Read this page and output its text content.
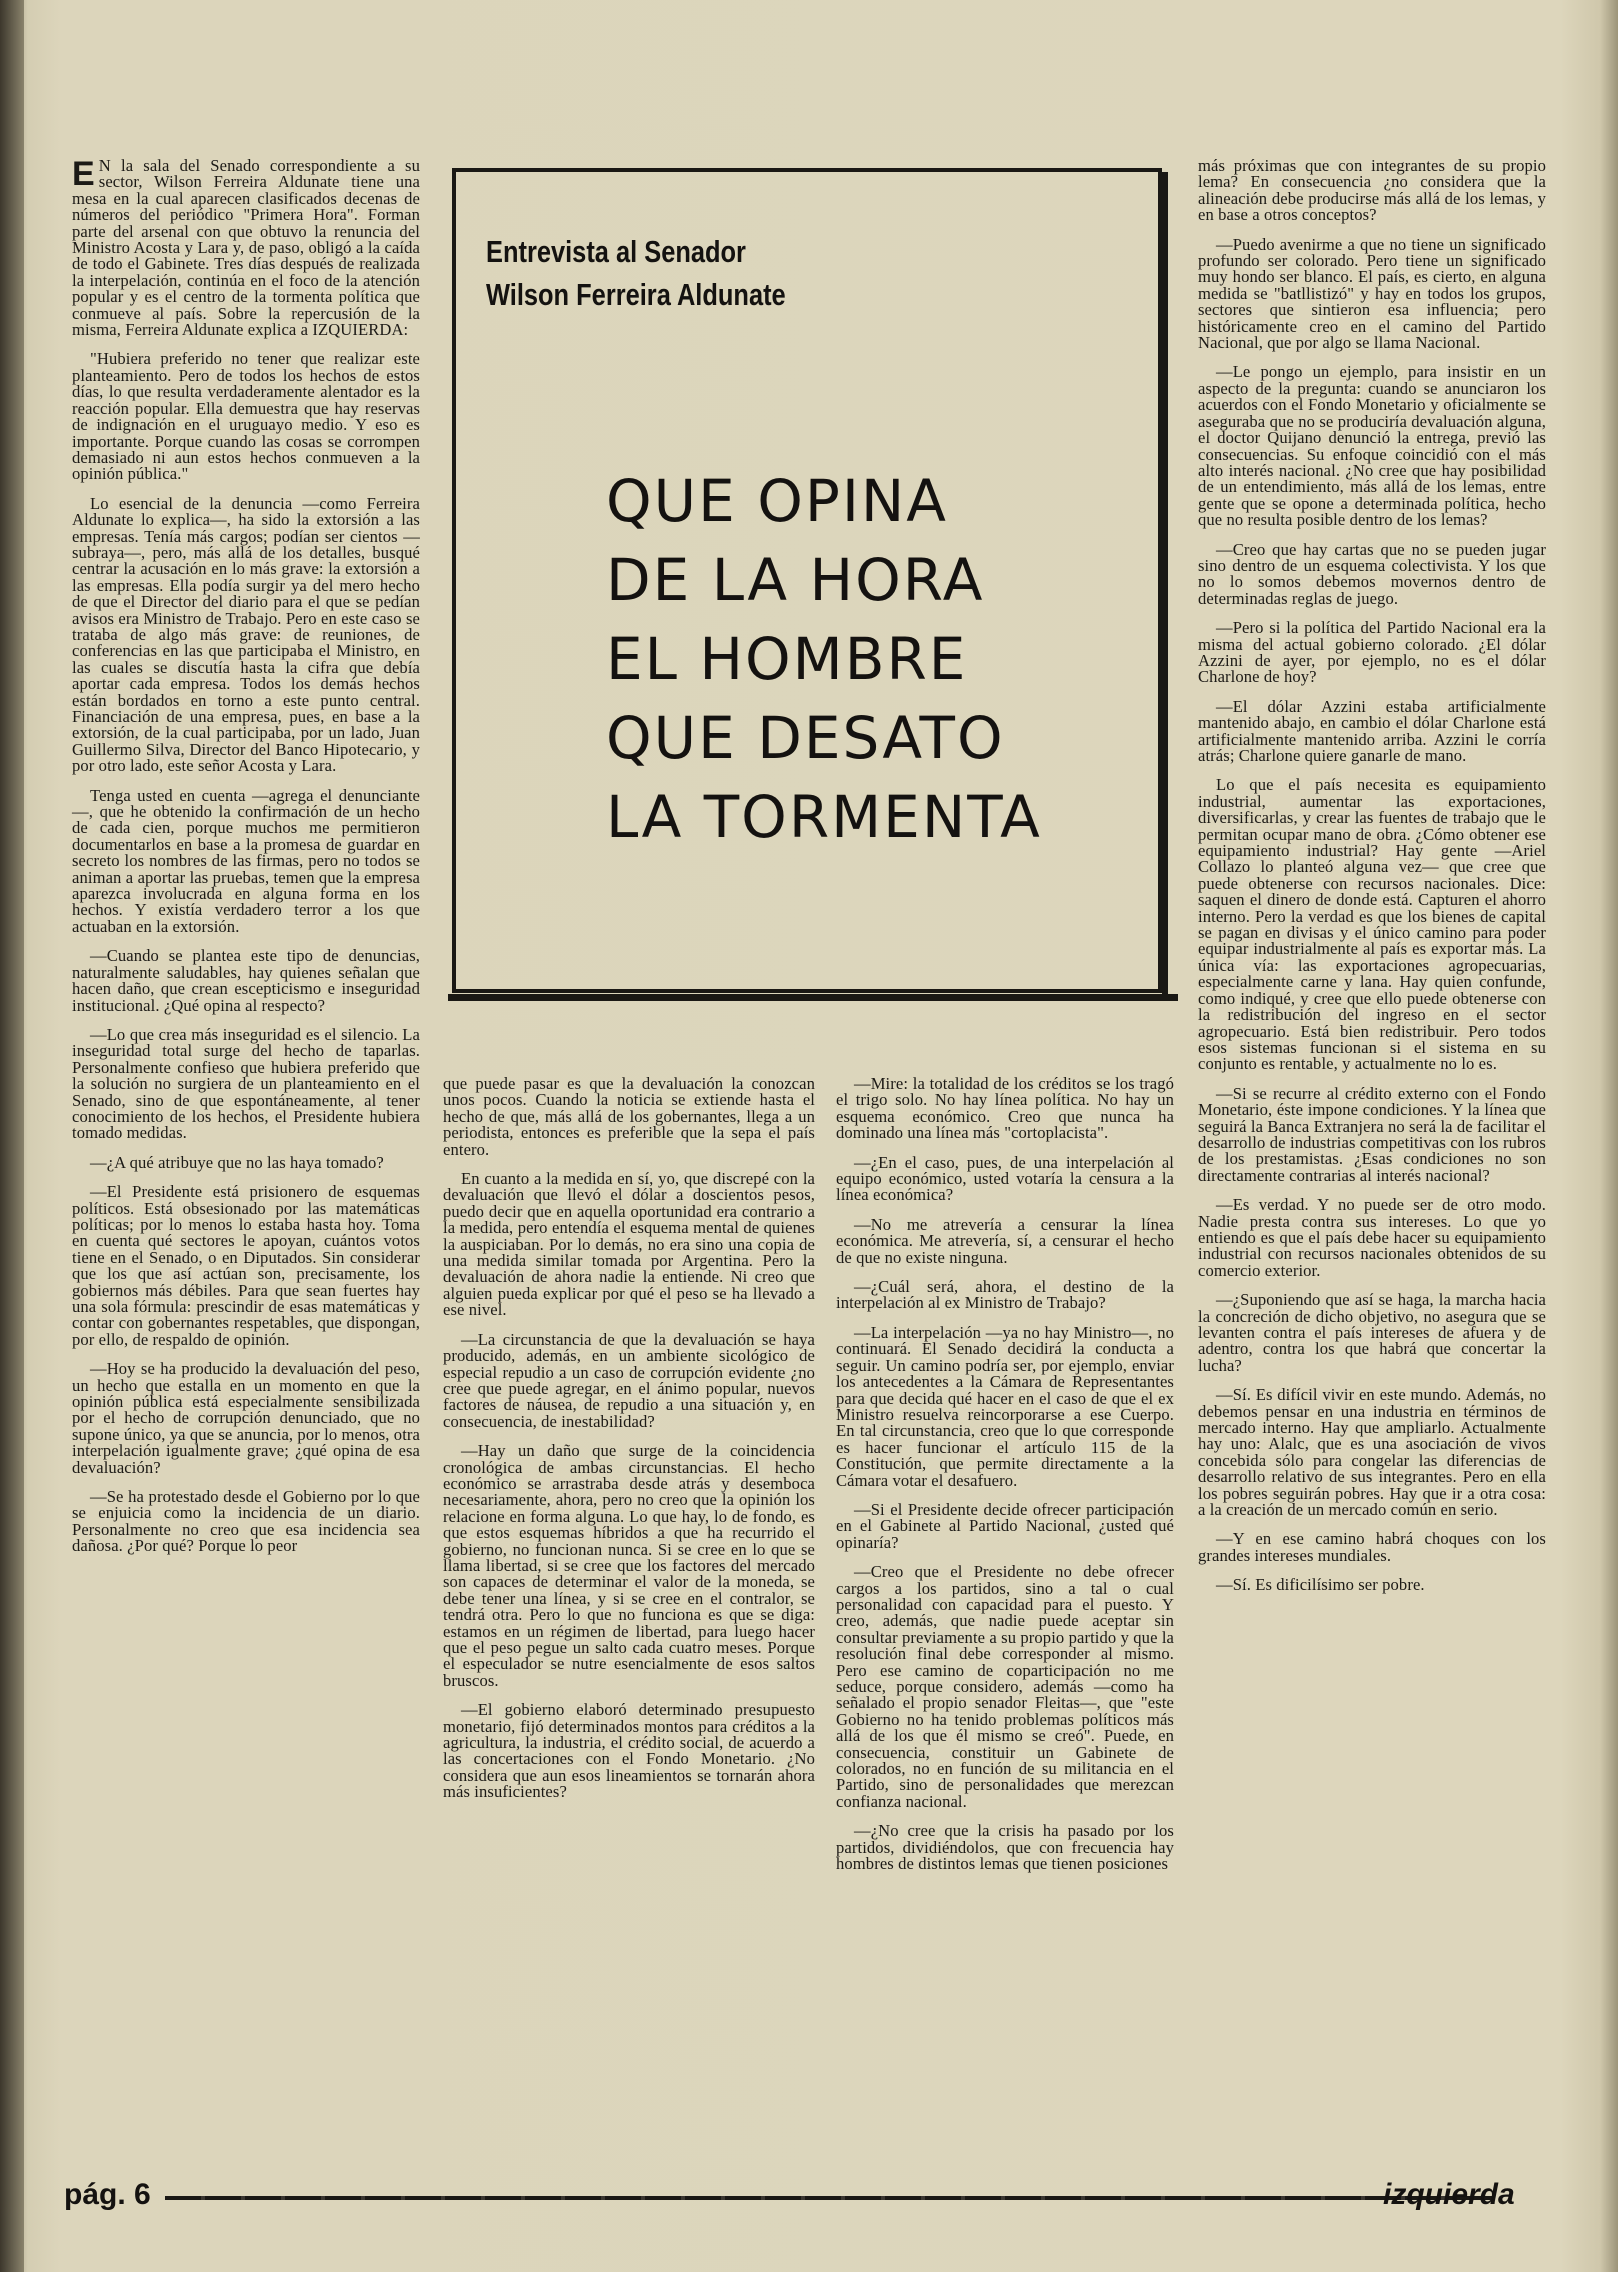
E N la sala del Senado correspondiente a su sector, Wilson Ferreira Aldunate tiene una mesa en la cual aparecen clasificados decenas de números del periódico "Primera Hora". Forman parte del arsenal con que obtuvo la renuncia del Ministro Acosta y Lara y, de paso, obligó a la caída de todo el Gabinete. Tres días después de realizada la interpelación, continúa en el foco de la atención popular y es el centro de la tormenta política que conmueve al país. Sobre la repercusión de la misma, Ferreira Aldunate explica a IZQUIERDA:

"Hubiera preferido no tener que realizar este planteamiento. Pero de todos los hechos de estos días, lo que resulta verdaderamente alentador es la reacción popular. Ella demuestra que hay reservas de indignación en el uruguayo medio. Y eso es importante. Porque cuando las cosas se corrompen demasiado ni aun estos hechos conmueven a la opinión pública."

Lo esencial de la denuncia —como Ferreira Aldunate lo explica—, ha sido la extorsión a las empresas. Tenía más cargos; podían ser cientos —subraya—, pero, más allá de los detalles, busqué centrar la acusación en lo más grave: la extorsión a las empresas. Ella podía surgir ya del mero hecho de que el Director del diario para el que se pedían avisos era Ministro de Trabajo. Pero en este caso se trataba de algo más grave: de reuniones, de conferencias en las que participaba el Ministro, en las cuales se discutía hasta la cifra que debía aportar cada empresa. Todos los demás hechos están bordados en torno a este punto central. Financiación de una empresa, pues, en base a la extorsión, de la cual participaba, por un lado, Juan Guillermo Silva, Director del Banco Hipotecario, y por otro lado, este señor Acosta y Lara.

Tenga usted en cuenta —agrega el denunciante—, que he obtenido la confirmación de un hecho de cada cien, porque muchos me permitieron documentarlos en base a la promesa de guardar en secreto los nombres de las firmas, pero no todos se animan a aportar las pruebas, temen que la empresa aparezca involucrada en alguna forma en los hechos. Y existía verdadero terror a los que actuaban en la extorsión.

—Cuando se plantea este tipo de denuncias, naturalmente saludables, hay quienes señalan que hacen daño, que crean escepticismo e inseguridad institucional. ¿Qué opina al respecto?

—Lo que crea más inseguridad es el silencio. La inseguridad total surge del hecho de taparlas. Personalmente confieso que hubiera preferido que la solución no surgiera de un planteamiento en el Senado, sino de que espontáneamente, al tener conocimiento de los hechos, el Presidente hubiera tomado medidas.

—¿A qué atribuye que no las haya tomado?

—El Presidente está prisionero de esquemas políticos. Está obsesionado por las matemáticas políticas; por lo menos lo estaba hasta hoy. Toma en cuenta qué sectores le apoyan, cuántos votos tiene en el Senado, o en Diputados. Sin considerar que los que así actúan son, precisamente, los gobiernos más débiles. Para que sean fuertes hay una sola fórmula: prescindir de esas matemáticas y contar con gobernantes respetables, que dispongan, por ello, de respaldo de opinión.

—Hoy se ha producido la devaluación del peso, un hecho que estalla en un momento en que la opinión pública está especialmente sensibilizada por el hecho de corrupción denunciado, que no supone único, ya que se anuncia, por lo menos, otra interpelación igualmente grave; ¿qué opina de esa devaluación?

—Se ha protestado desde el Gobierno por lo que se enjuicia como la incidencia de un diario. Personalmente no creo que esa incidencia sea dañosa. ¿Por qué? Porque lo peor

Entrevista al Senador
Wilson Ferreira Aldunate
QUE OPINA
DE LA HORA
EL HOMBRE
QUE DESATO
LA TORMENTA

que puede pasar es que la devaluación la conozcan unos pocos. Cuando la noticia se extiende hasta el hecho de que, más allá de los gobernantes, llega a un periodista, entonces es preferible que la sepa el país entero.

En cuanto a la medida en sí, yo, que discrepé con la devaluación que llevó el dólar a doscientos pesos, puedo decir que en aquella oportunidad era contrario a la medida, pero entendía el esquema mental de quienes la auspiciaban. Por lo demás, no era sino una copia de una medida similar tomada por Argentina. Pero la devaluación de ahora nadie la entiende. Ni creo que alguien pueda explicar por qué el peso se ha llevado a ese nivel.

—La circunstancia de que la devaluación se haya producido, además, en un ambiente sicológico de especial repudio a un caso de corrupción evidente ¿no cree que puede agregar, en el ánimo popular, nuevos factores de náusea, de repudio a una situación y, en consecuencia, de inestabilidad?

—Hay un daño que surge de la coincidencia cronológica de ambas circunstancias. El hecho económico se arrastraba desde atrás y desemboca necesariamente, ahora, pero no creo que la opinión los relacione en forma alguna. Lo que hay, lo de fondo, es que estos esquemas híbridos a que ha recurrido el gobierno, no funcionan nunca. Si se cree en lo que se llama libertad, si se cree que los factores del mercado son capaces de determinar el valor de la moneda, se debe tener una línea, y si se cree en el contralor, se tendrá otra. Pero lo que no funciona es que se diga: estamos en un régimen de libertad, para luego hacer que el peso pegue un salto cada cuatro meses. Porque el especulador se nutre esencialmente de esos saltos bruscos.

—El gobierno elaboró determinado presupuesto monetario, fijó determinados montos para créditos a la agricultura, la industria, el crédito social, de acuerdo a las concertaciones con el Fondo Monetario. ¿No considera que aun esos lineamientos se tornarán ahora más insuficientes?

—Mire: la totalidad de los créditos se los tragó el trigo solo. No hay línea política. No hay un esquema económico. Creo que nunca ha dominado una línea más "cortoplacista".

—¿En el caso, pues, de una interpelación al equipo económico, usted votaría la censura a la línea económica?

—No me atrevería a censurar la línea económica. Me atrevería, sí, a censurar el hecho de que no existe ninguna.

—¿Cuál será, ahora, el destino de la interpelación al ex Ministro de Trabajo?

—La interpelación —ya no hay Ministro—, no continuará. El Senado decidirá la conducta a seguir. Un camino podría ser, por ejemplo, enviar los antecedentes a la Cámara de Representantes para que decida qué hacer en el caso de que el ex Ministro resuelva reincorporarse a ese Cuerpo. En tal circunstancia, creo que lo que corresponde es hacer funcionar el artículo 115 de la Constitución, que permite directamente a la Cámara votar el desafuero.

—Si el Presidente decide ofrecer participación en el Gabinete al Partido Nacional, ¿usted qué opinaría?

—Creo que el Presidente no debe ofrecer cargos a los partidos, sino a tal o cual personalidad con capacidad para el puesto. Y creo, además, que nadie puede aceptar sin consultar previamente a su propio partido y que la resolución final debe corresponder al mismo. Pero ese camino de coparticipación no me seduce, porque considero, además —como ha señalado el propio senador Fleitas—, que "este Gobierno no ha tenido problemas políticos más allá de los que él mismo se creó". Puede, en consecuencia, constituir un Gabinete de colorados, no en función de su militancia en el Partido, sino de personalidades que merezcan confianza nacional.

—¿No cree que la crisis ha pasado por los partidos, dividiéndolos, que con frecuencia hay hombres de distintos lemas que tienen posiciones

más próximas que con integrantes de su propio lema? En consecuencia ¿no considera que la alineación debe producirse más allá de los lemas, y en base a otros conceptos?

—Puedo avenirme a que no tiene un significado profundo ser colorado. Pero tiene un significado muy hondo ser blanco. El país, es cierto, en alguna medida se "batllistizó" y hay en todos los grupos, sectores que sintieron esa influencia; pero históricamente creo en el camino del Partido Nacional, que por algo se llama Nacional.

—Le pongo un ejemplo, para insistir en un aspecto de la pregunta: cuando se anunciaron los acuerdos con el Fondo Monetario y oficialmente se aseguraba que no se produciría devaluación alguna, el doctor Quijano denunció la entrega, previó las consecuencias. Su enfoque coincidió con el más alto interés nacional. ¿No cree que hay posibilidad de un entendimiento, más allá de los lemas, entre gente que se opone a determinada política, hecho que no resulta posible dentro de los lemas?

—Creo que hay cartas que no se pueden jugar sino dentro de un esquema colectivista. Y los que no lo somos debemos movernos dentro de determinadas reglas de juego.

—Pero si la política del Partido Nacional era la misma del actual gobierno colorado. ¿El dólar Azzini de ayer, por ejemplo, no es el dólar Charlone de hoy?

—El dólar Azzini estaba artificialmente mantenido abajo, en cambio el dólar Charlone está artificialmente mantenido arriba. Azzini le corría atrás; Charlone quiere ganarle de mano.

Lo que el país necesita es equipamiento industrial, aumentar las exportaciones, diversificarlas, y crear las fuentes de trabajo que le permitan ocupar mano de obra. ¿Cómo obtener ese equipamiento industrial? Hay gente —Ariel Collazo lo planteó alguna vez— que cree que puede obtenerse con recursos nacionales. Dice: saquen el dinero de donde está. Capturen el ahorro interno. Pero la verdad es que los bienes de capital se pagan en divisas y el único camino para poder equipar industrialmente al país es exportar más. La única vía: las exportaciones agropecuarias, especialmente carne y lana. Hay quien confunde, como indiqué, y cree que ello puede obtenerse con la redistribución del ingreso en el sector agropecuario. Está bien redistribuir. Pero todos esos sistemas funcionan si el sistema en su conjunto es rentable, y actualmente no lo es.

—Si se recurre al crédito externo con el Fondo Monetario, éste impone condiciones. Y la línea que seguirá la Banca Extranjera no será la de facilitar el desarrollo de industrias competitivas con los rubros de los prestamistas. ¿Esas condiciones no son directamente contrarias al interés nacional?

—Es verdad. Y no puede ser de otro modo. Nadie presta contra sus intereses. Lo que yo entiendo es que el país debe hacer su equipamiento industrial con recursos nacionales obtenidos de su comercio exterior.

—¿Suponiendo que así se haga, la marcha hacia la concreción de dicho objetivo, no asegura que se levanten contra el país intereses de afuera y de adentro, contra los que habrá que concertar la lucha?

—Sí. Es difícil vivir en este mundo. Además, no debemos pensar en una industria en términos de mercado interno. Hay que ampliarlo. Actualmente hay uno: Alalc, que es una asociación de vivos concebida sólo para congelar las diferencias de desarrollo relativo de sus integrantes. Pero en ella los pobres seguirán pobres. Hay que ir a otra cosa: a la creación de un mercado común en serio.

—Y en ese camino habrá choques con los grandes intereses mundiales.

—Sí. Es dificilísimo ser pobre.

pág. 6	izquierda
